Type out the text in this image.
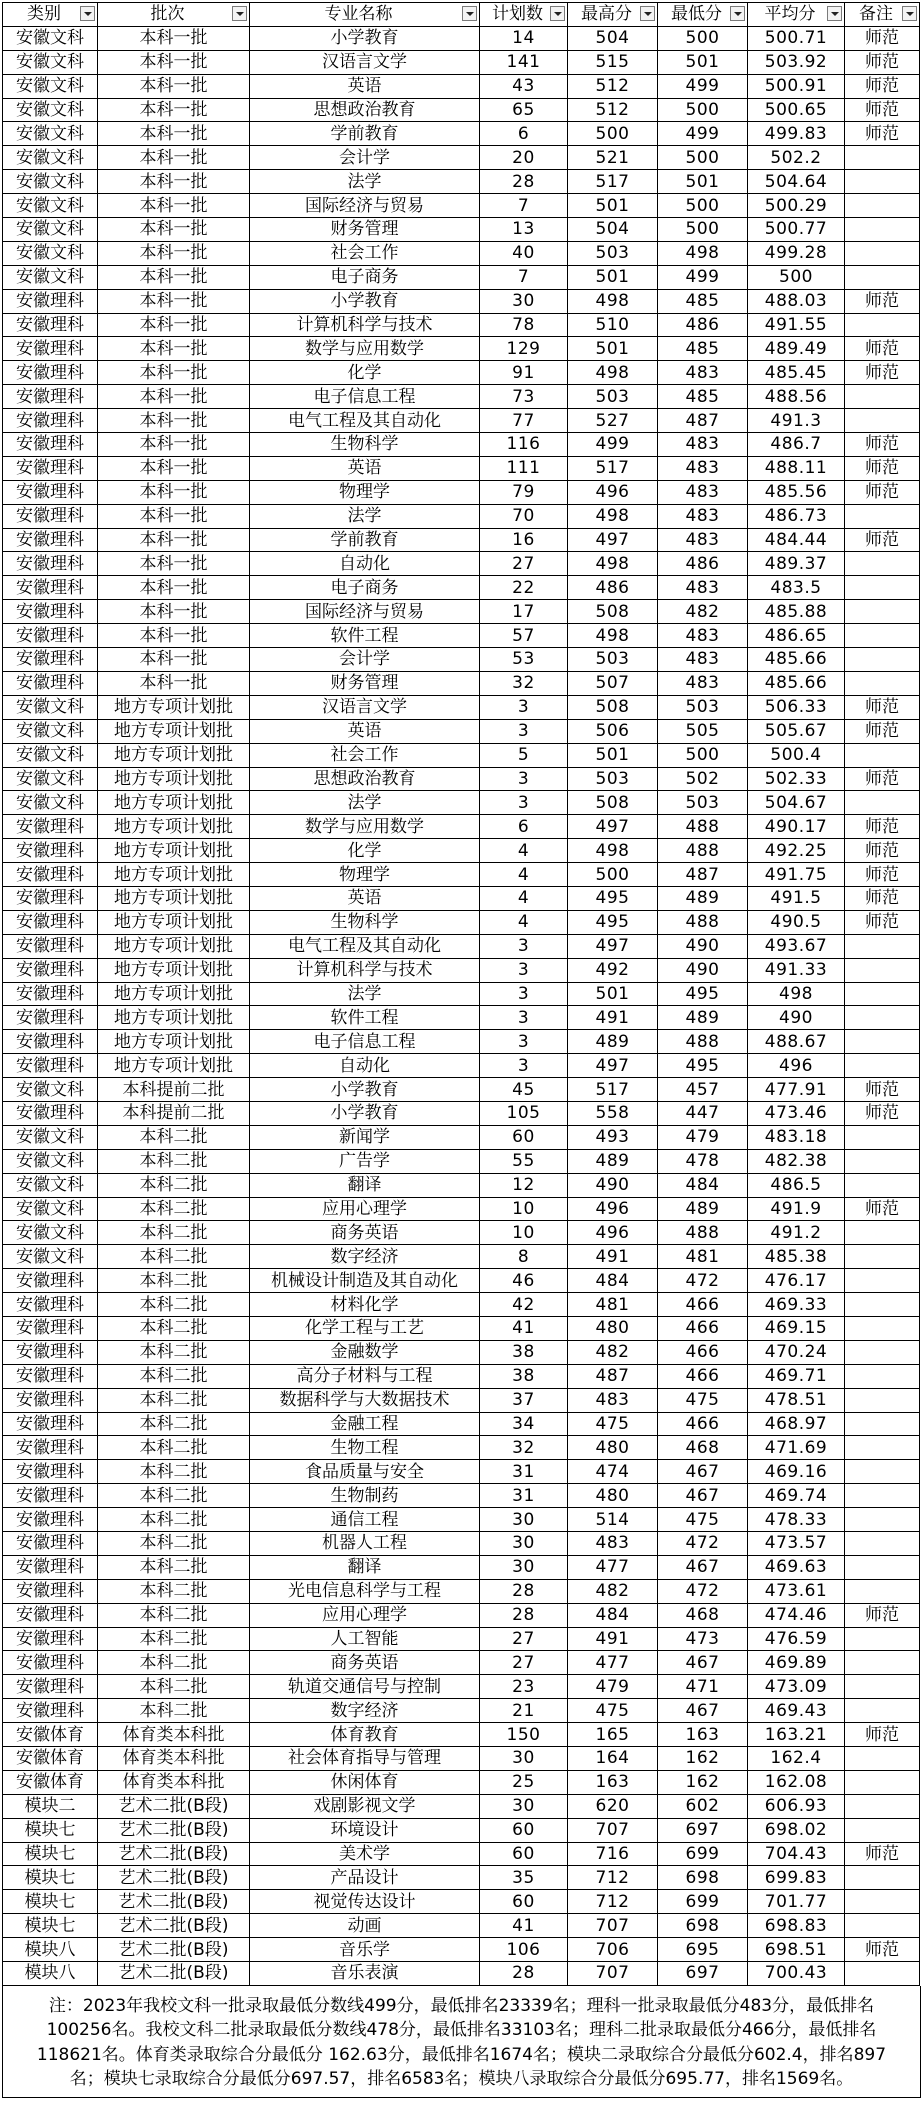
类别	批次	专业名称	计划数	最高分	最低分	平均分	备注

安徽文科	本科一批	小学教育	14	504	500	500.71	师范
安徽文科	本科一批	汉语言文学	141	515	501	503.92	师范
安徽文科	本科一批	英语	43	512	499	500.91	师范
安徽文科	本科一批	思想政治教育	65	512	500	500.65	师范
安徽文科	本科一批	学前教育	6	500	499	499.83	师范
安徽文科	本科一批	会计学	20	521	500	502.2	
安徽文科	本科一批	法学	28	517	501	504.64	
安徽文科	本科一批	国际经济与贸易	7	501	500	500.29	
安徽文科	本科一批	财务管理	13	504	500	500.77	
安徽文科	本科一批	社会工作	40	503	498	499.28	
安徽文科	本科一批	电子商务	7	501	499	500	
安徽理科	本科一批	小学教育	30	498	485	488.03	师范
安徽理科	本科一批	计算机科学与技术	78	510	486	491.55	
安徽理科	本科一批	数学与应用数学	129	501	485	489.49	师范
安徽理科	本科一批	化学	91	498	483	485.45	师范
安徽理科	本科一批	电子信息工程	73	503	485	488.56	
安徽理科	本科一批	电气工程及其自动化	77	527	487	491.3	
安徽理科	本科一批	生物科学	116	499	483	486.7	师范
安徽理科	本科一批	英语	111	517	483	488.11	师范
安徽理科	本科一批	物理学	79	496	483	485.56	师范
安徽理科	本科一批	法学	70	498	483	486.73	
安徽理科	本科一批	学前教育	16	497	483	484.44	师范
安徽理科	本科一批	自动化	27	498	486	489.37	
安徽理科	本科一批	电子商务	22	486	483	483.5	
安徽理科	本科一批	国际经济与贸易	17	508	482	485.88	
安徽理科	本科一批	软件工程	57	498	483	486.65	
安徽理科	本科一批	会计学	53	503	483	485.66	
安徽理科	本科一批	财务管理	32	507	483	485.66	
安徽文科	地方专项计划批	汉语言文学	3	508	503	506.33	师范
安徽文科	地方专项计划批	英语	3	506	505	505.67	师范
安徽文科	地方专项计划批	社会工作	5	501	500	500.4	
安徽文科	地方专项计划批	思想政治教育	3	503	502	502.33	师范
安徽文科	地方专项计划批	法学	3	508	503	504.67	
安徽理科	地方专项计划批	数学与应用数学	6	497	488	490.17	师范
安徽理科	地方专项计划批	化学	4	498	488	492.25	师范
安徽理科	地方专项计划批	物理学	4	500	487	491.75	师范
安徽理科	地方专项计划批	英语	4	495	489	491.5	师范
安徽理科	地方专项计划批	生物科学	4	495	488	490.5	师范
安徽理科	地方专项计划批	电气工程及其自动化	3	497	490	493.67	
安徽理科	地方专项计划批	计算机科学与技术	3	492	490	491.33	
安徽理科	地方专项计划批	法学	3	501	495	498	
安徽理科	地方专项计划批	软件工程	3	491	489	490	
安徽理科	地方专项计划批	电子信息工程	3	489	488	488.67	
安徽理科	地方专项计划批	自动化	3	497	495	496	
安徽文科	本科提前二批	小学教育	45	517	457	477.91	师范
安徽理科	本科提前二批	小学教育	105	558	447	473.46	师范
安徽文科	本科二批	新闻学	60	493	479	483.18	
安徽文科	本科二批	广告学	55	489	478	482.38	
安徽文科	本科二批	翻译	12	490	484	486.5	
安徽文科	本科二批	应用心理学	10	496	489	491.9	师范
安徽文科	本科二批	商务英语	10	496	488	491.2	
安徽文科	本科二批	数字经济	8	491	481	485.38	
安徽理科	本科二批	机械设计制造及其自动化	46	484	472	476.17	
安徽理科	本科二批	材料化学	42	481	466	469.33	
安徽理科	本科二批	化学工程与工艺	41	480	466	469.15	
安徽理科	本科二批	金融数学	38	482	466	470.24	
安徽理科	本科二批	高分子材料与工程	38	487	466	469.71	
安徽理科	本科二批	数据科学与大数据技术	37	483	475	478.51	
安徽理科	本科二批	金融工程	34	475	466	468.97	
安徽理科	本科二批	生物工程	32	480	468	471.69	
安徽理科	本科二批	食品质量与安全	31	474	467	469.16	
安徽理科	本科二批	生物制药	31	480	467	469.74	
安徽理科	本科二批	通信工程	30	514	475	478.33	
安徽理科	本科二批	机器人工程	30	483	472	473.57	
安徽理科	本科二批	翻译	30	477	467	469.63	
安徽理科	本科二批	光电信息科学与工程	28	482	472	473.61	
安徽理科	本科二批	应用心理学	28	484	468	474.46	师范
安徽理科	本科二批	人工智能	27	491	473	476.59	
安徽理科	本科二批	商务英语	27	477	467	469.89	
安徽理科	本科二批	轨道交通信号与控制	23	479	471	473.09	
安徽理科	本科二批	数字经济	21	475	467	469.43	
安徽体育	体育类本科批	体育教育	150	165	163	163.21	师范
安徽体育	体育类本科批	社会体育指导与管理	30	164	162	162.4	
安徽体育	体育类本科批	休闲体育	25	163	162	162.08	
模块二	艺术二批(B段)	戏剧影视文学	30	620	602	606.93	
模块七	艺术二批(B段)	环境设计	60	707	697	698.02	
模块七	艺术二批(B段)	美术学	60	716	699	704.43	师范
模块七	艺术二批(B段)	产品设计	35	712	698	699.83	
模块七	艺术二批(B段)	视觉传达设计	60	712	699	701.77	
模块七	艺术二批(B段)	动画	41	707	698	698.83	
模块八	艺术二批(B段)	音乐学	106	706	695	698.51	师范
模块八	艺术二批(B段)	音乐表演	28	707	697	700.43	
注：2023年我校文科一批录取最低分数线499分，最低排名23339名；理科一批录取最低分483分，最低排名
100256名。我校文科二批录取最低分数线478分，最低排名33103名；理科二批录取最低分466分，最低排名
118621名。体育类录取综合分最低分 162.63分，最低排名1674名；模块二录取综合分最低分602.4，排名897
名；模块七录取综合分最低分697.57，排名6583名；模块八录取综合分最低分695.77，排名1569名。
